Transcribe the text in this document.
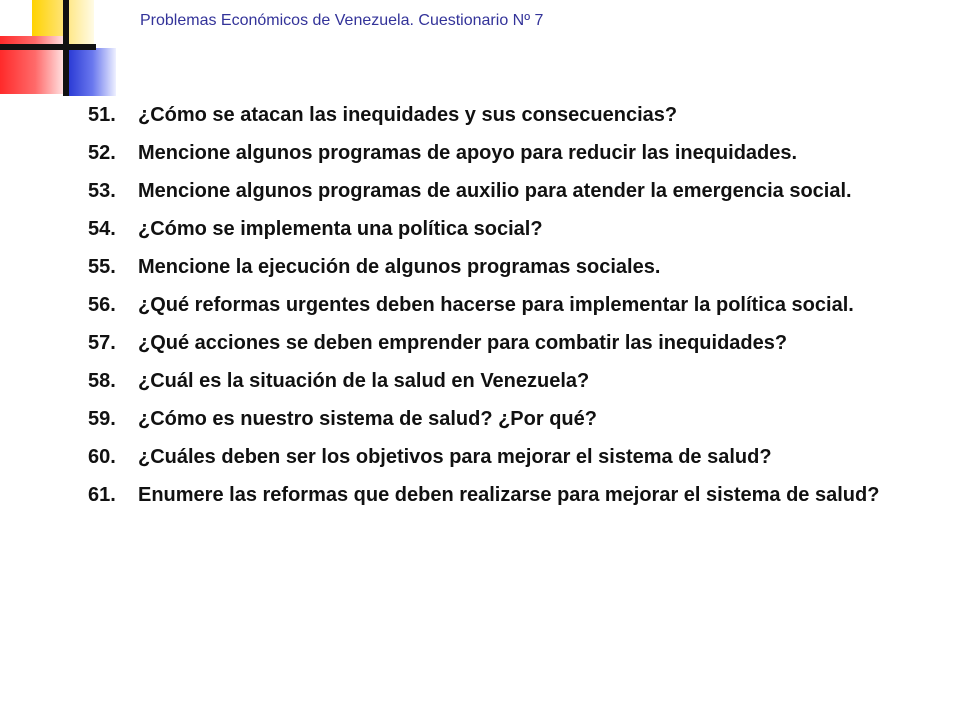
Problemas Económicos de Venezuela. Cuestionario Nº 7
51.	¿Cómo se atacan las inequidades y sus consecuencias?
52.	Mencione algunos programas de apoyo para reducir las inequidades.
53.	Mencione algunos programas de auxilio para atender la emergencia social.
54.	¿Cómo se implementa una política social?
55.	Mencione la ejecución de algunos programas sociales.
56.	¿Qué reformas urgentes deben hacerse para implementar la política social.
57.	¿Qué acciones se deben emprender para combatir las inequidades?
58.	¿Cuál es la situación de la salud en Venezuela?
59.	¿Cómo es nuestro sistema de salud? ¿Por qué?
60.	¿Cuáles deben ser los objetivos para mejorar el sistema de salud?
61.	Enumere las reformas que deben realizarse para mejorar el sistema de salud?
